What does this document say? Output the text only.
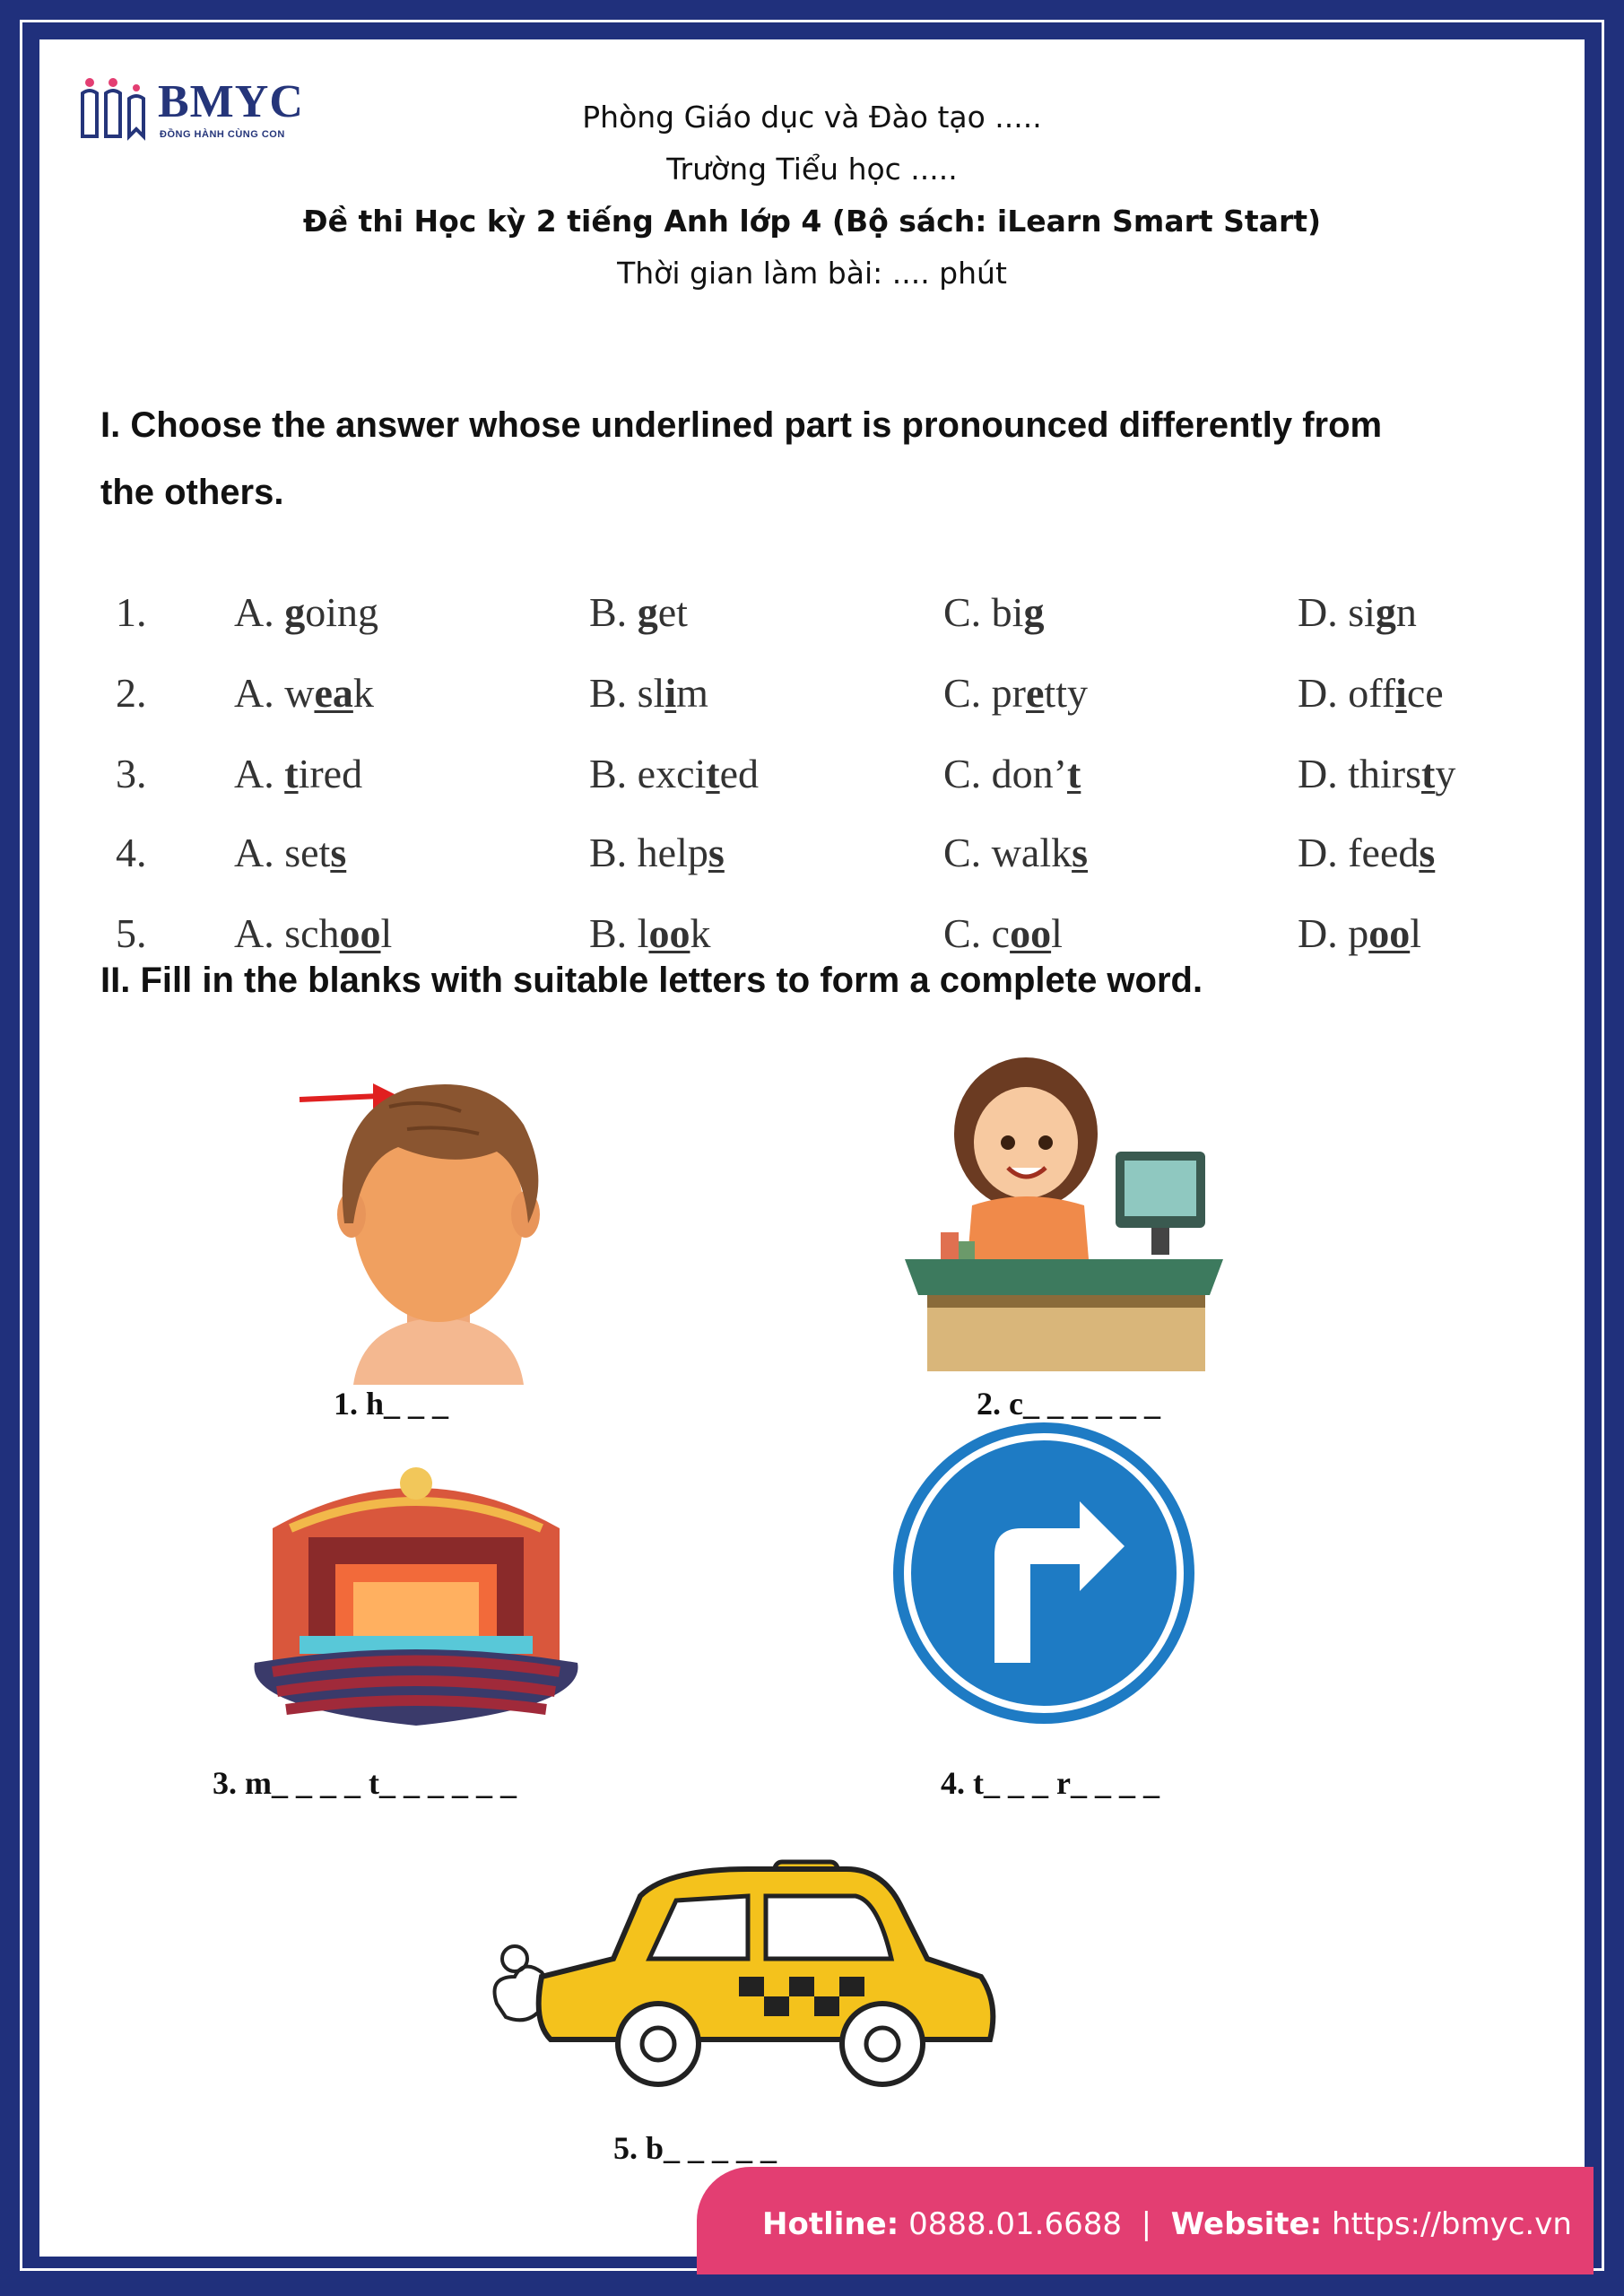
BMYC
ĐỒNG HÀNH CÙNG CON	Phòng Giáo dục và Đào tạo .....
Trường Tiểu học .....
Đề thi Học kỳ 2 tiếng Anh lớp 4 (Bộ sách: iLearn Smart Start)
Thời gian làm bài: .... phút
I. Choose the answer whose underlined part is pronounced differently from
the others.
1. A. going	B. get	C. big	D. sign
2. A. weak	B. slim	C. pretty	D. office
3. A. tired	B. excited	C. don’t	D. thirsty
4. A. sets	B. helps	C. walks	D. feeds
5. A. school	B. look	C. cool	D. pool
II. Fill in the blanks with suitable letters to form a complete word.
1. h_ _ _	2. c_ _ _ _ _ _
3. m_ _ _ _ t_ _ _ _ _ _	4. t_ _ _ r_ _ _ _
5. b_ _ _ _ _
Hotline: 0888.01.6688 | Website: https://bmyc.vn
